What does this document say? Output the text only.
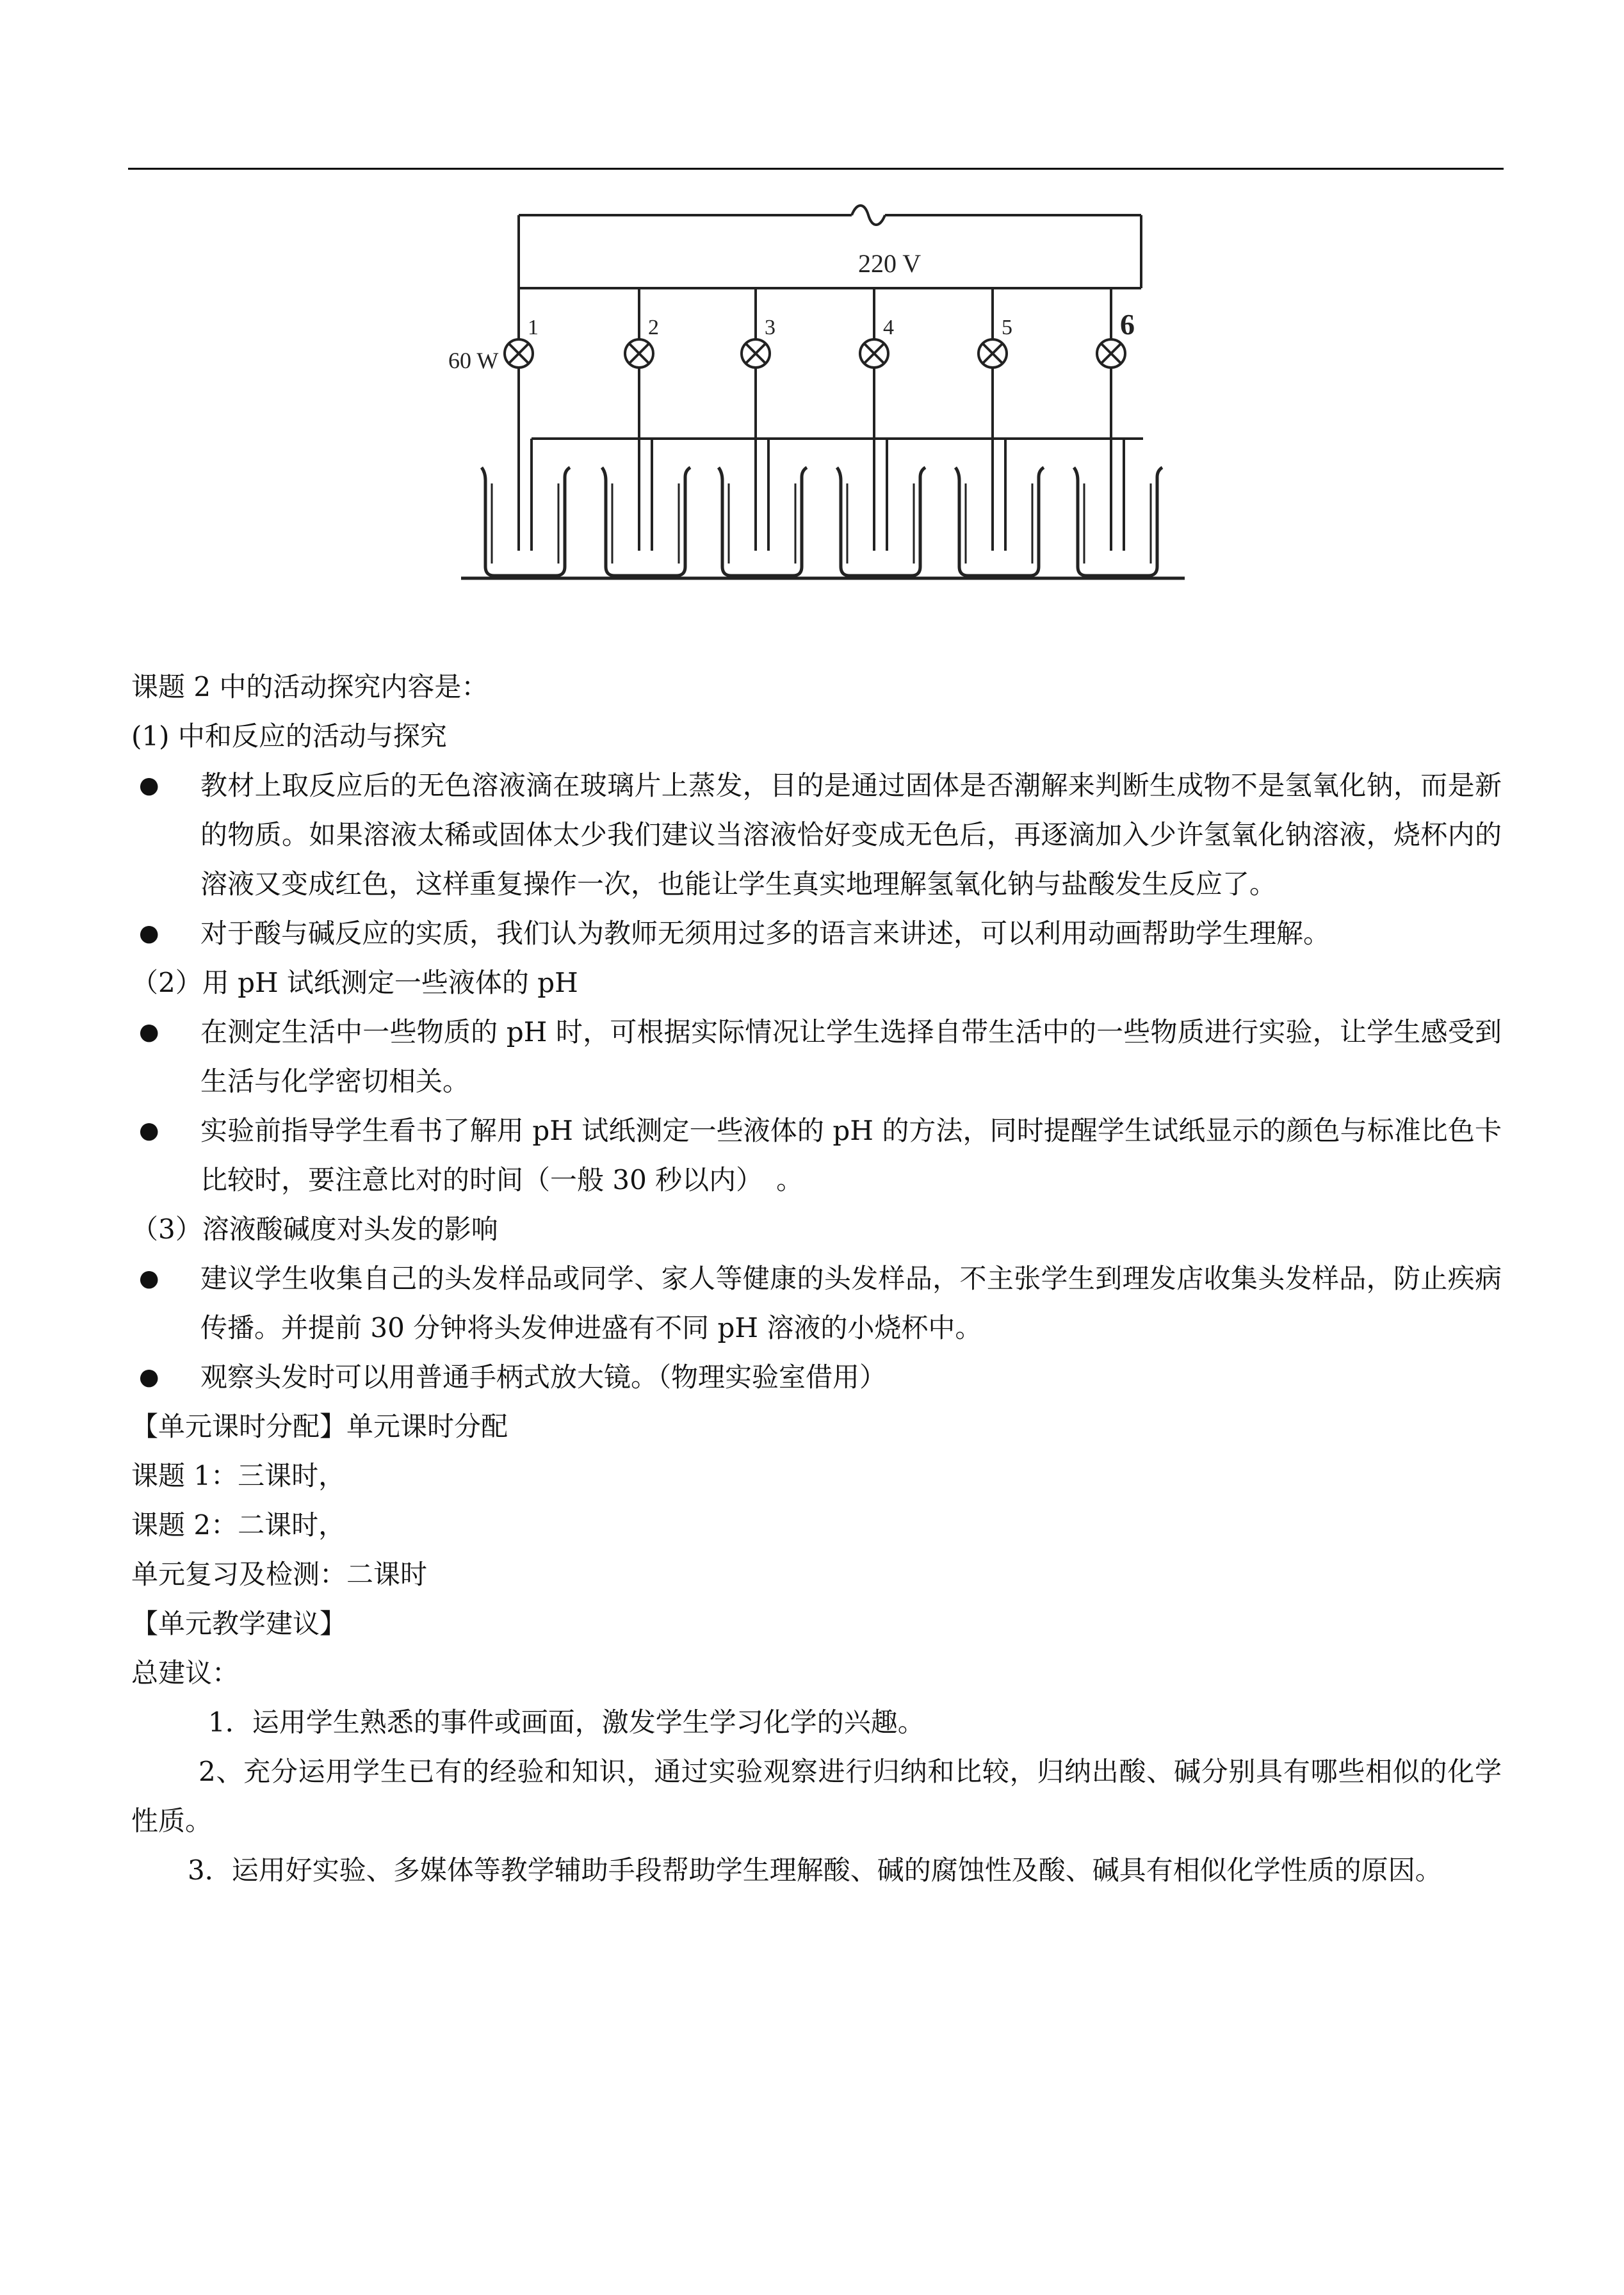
1	2	3	4	5	6
220 V
60 W

课题 2 中的活动探究内容是：

(1) 中和反应的活动与探究

● 教材上取反应后的无色溶液滴在玻璃片上蒸发，目的是通过固体是否潮解来判断生成物不是氢氧化钠，而是新的物质。如果溶液太稀或固体太少我们建议当溶液恰好变成无色后，再逐滴加入少许氢氧化钠溶液，烧杯内的溶液又变成红色，这样重复操作一次，也能让学生真实地理解氢氧化钠与盐酸发生反应了。

● 对于酸与碱反应的实质，我们认为教师无须用过多的语言来讲述，可以利用动画帮助学生理解。

（2）用 pH 试纸测定一些液体的 pH

● 在测定生活中一些物质的 pH 时，可根据实际情况让学生选择自带生活中的一些物质进行实验，让学生感受到生活与化学密切相关。

● 实验前指导学生看书了解用 pH 试纸测定一些液体的 pH 的方法，同时提醒学生试纸显示的颜色与标准比色卡比较时，要注意比对的时间（一般 30 秒以内）　。

（3）溶液酸碱度对头发的影响

● 建议学生收集自己的头发样品或同学、家人等健康的头发样品，不主张学生到理发店收集头发样品，防止疾病传播。并提前 30 分钟将头发伸进盛有不同 pH 溶液的小烧杯中。

● 观察头发时可以用普通手柄式放大镜。（物理实验室借用）

【单元课时分配】单元课时分配

课题 1：三课时，

课题 2：二课时，

单元复习及检测：二课时

【单元教学建议】

总建议：

1．运用学生熟悉的事件或画面，激发学生学习化学的兴趣。

2、充分运用学生已有的经验和知识，通过实验观察进行归纳和比较，归纳出酸、碱分别具有哪些相似的化学性质。

3．运用好实验、多媒体等教学辅助手段帮助学生理解酸、碱的腐蚀性及酸、碱具有相似化学性质的原因。
